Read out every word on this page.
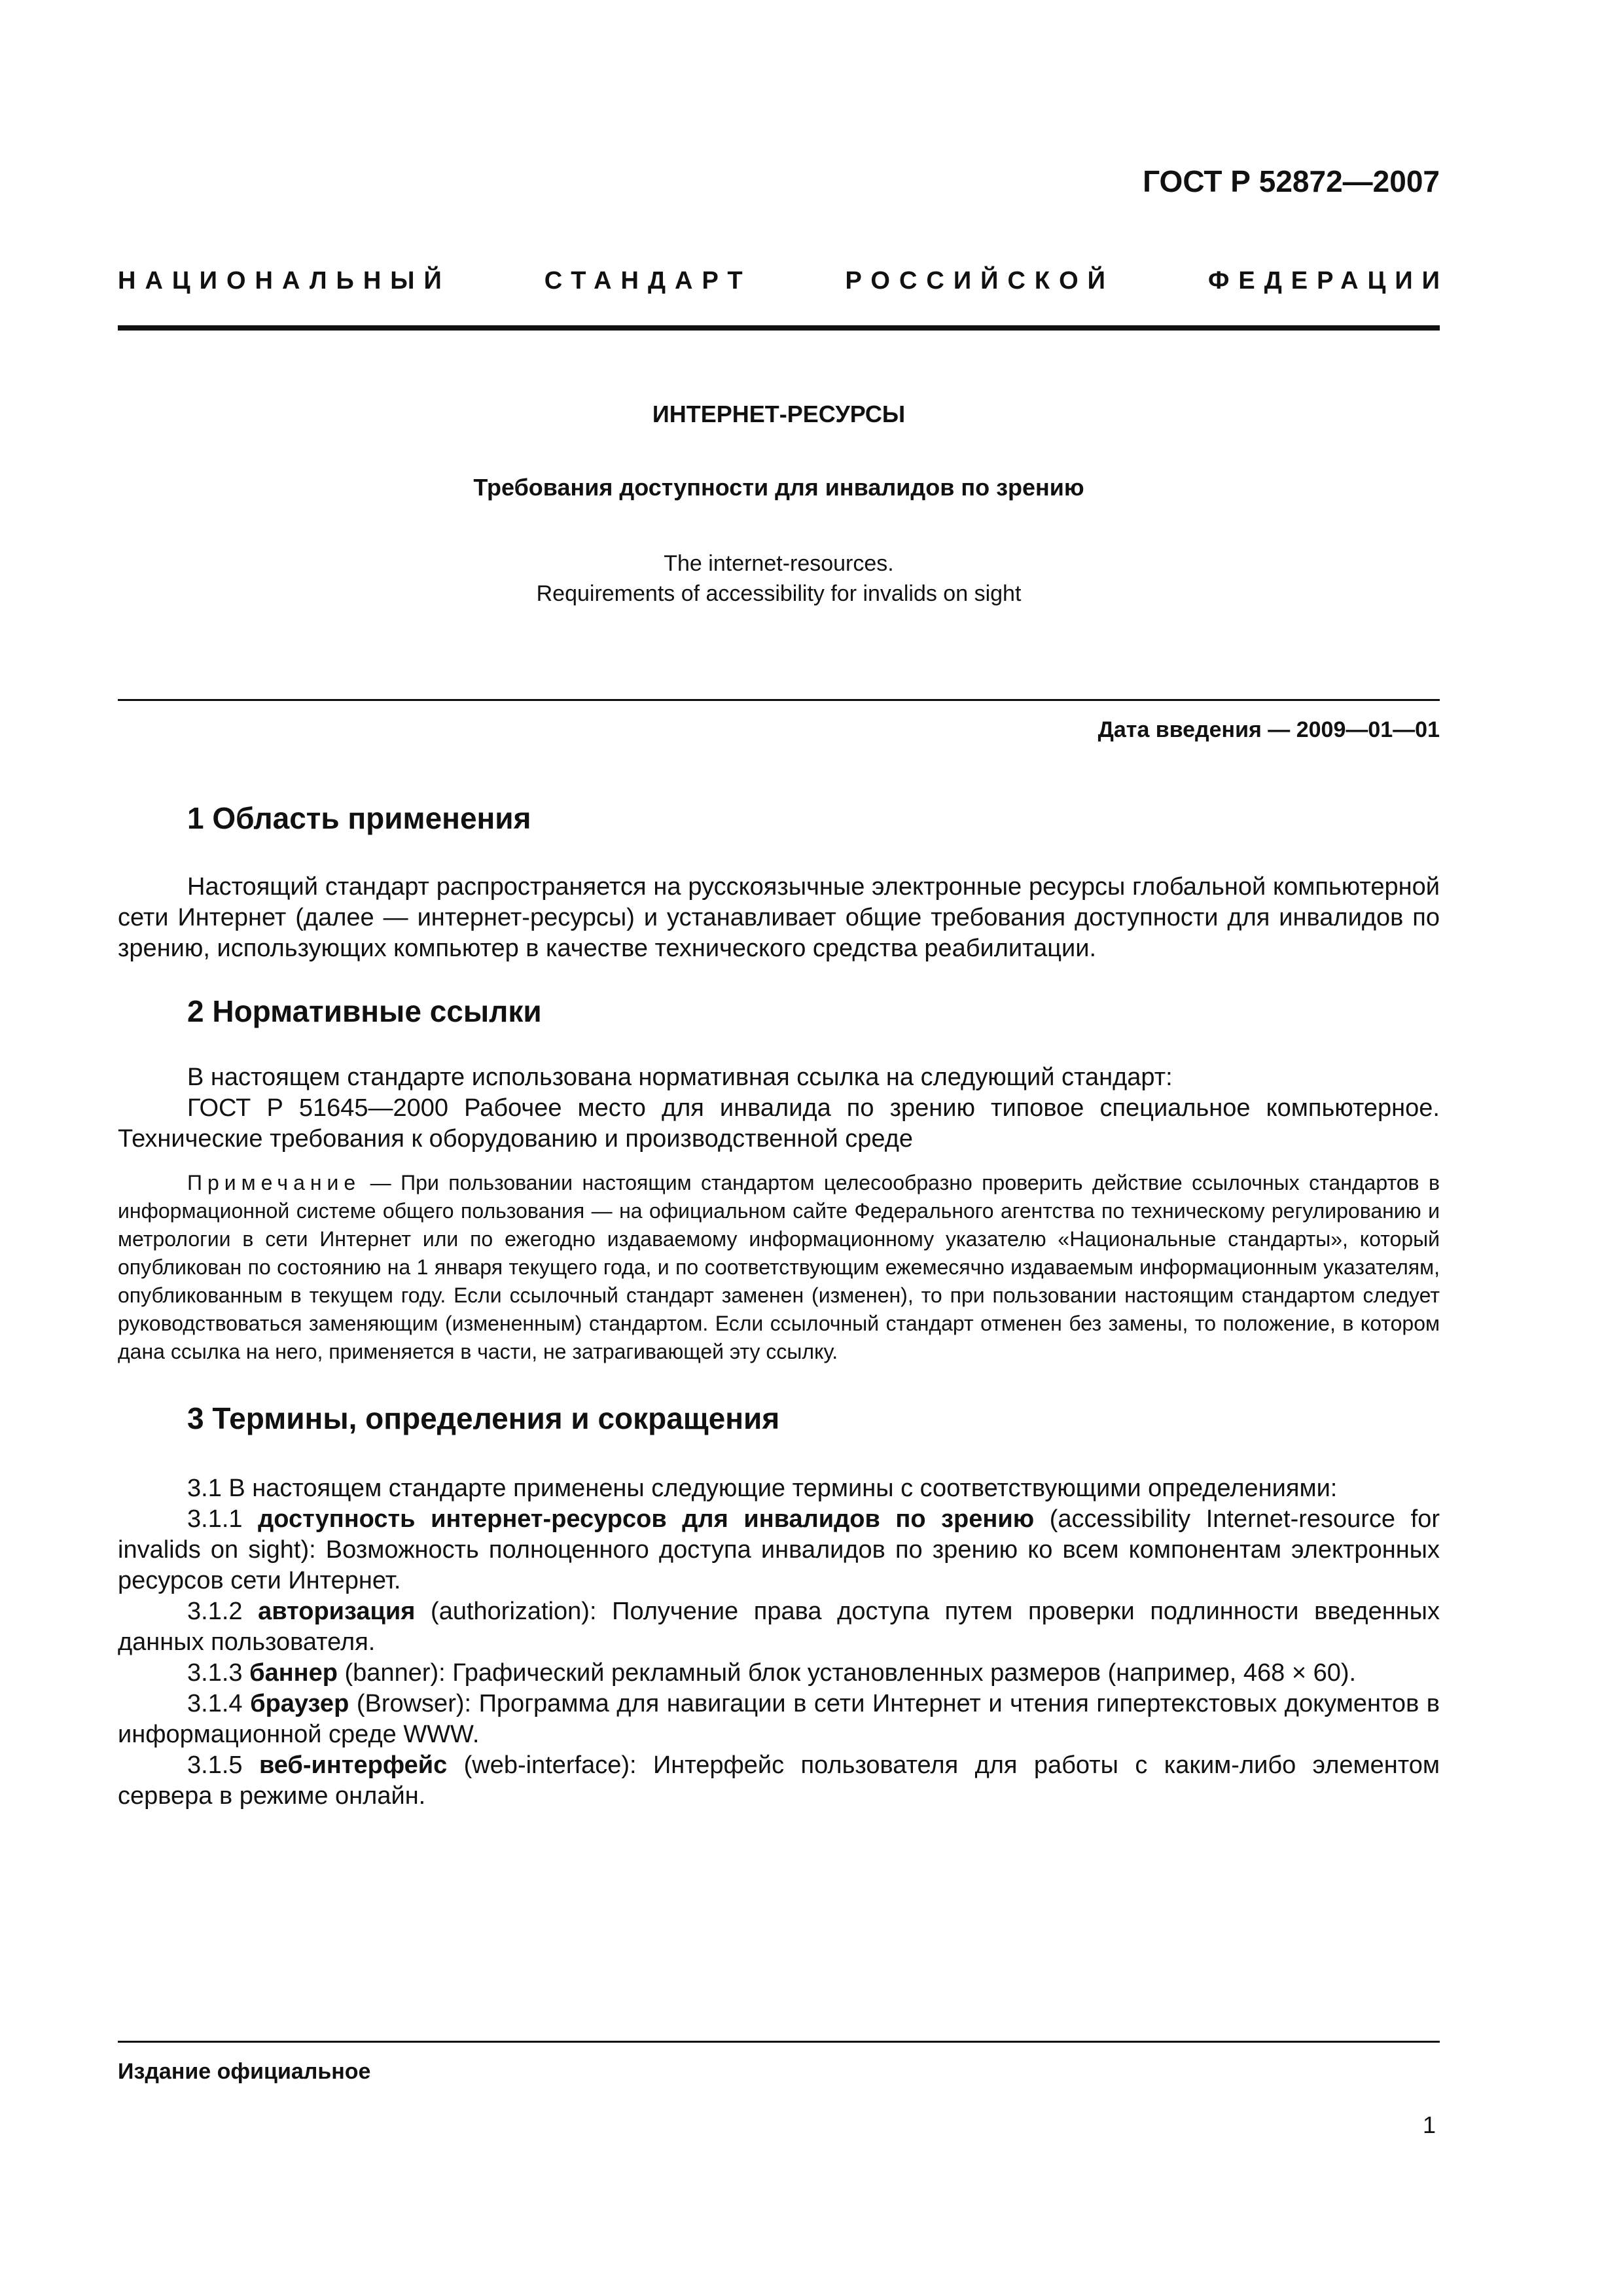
ГОСТ Р 52872—2007
НАЦИОНАЛЬНЫЙ	СТАНДАРТ	РОССИЙСКОЙ	ФЕДЕРАЦИИ
ИНТЕРНЕТ-РЕСУРСЫ
Требования доступности для инвалидов по зрению
The internet-resources.
Requirements of accessibility for invalids on sight
Дата введения — 2009—01—01
1 Область применения

Настоящий стандарт распространяется на русскоязычные электронные ресурсы глобальной компьютерной сети Интернет (далее — интернет-ресурсы) и устанавливает общие требования доступности для инвалидов по зрению, использующих компьютер в качестве технического средства реабилитации.

2 Нормативные ссылки

В настоящем стандарте использована нормативная ссылка на следующий стандарт:

ГОСТ Р 51645—2000 Рабочее место для инвалида по зрению типовое специальное компьютерное. Технические требования к оборудованию и производственной среде

Примечание — При пользовании настоящим стандартом целесообразно проверить действие ссылочных стандартов в информационной системе общего пользования — на официальном сайте Федерального агентства по техническому регулированию и метрологии в сети Интернет или по ежегодно издаваемому информационному указателю «Национальные стандарты», который опубликован по состоянию на 1 января текущего года, и по соответствующим ежемесячно издаваемым информационным указателям, опубликованным в текущем году. Если ссылочный стандарт заменен (изменен), то при пользовании настоящим стандартом следует руководствоваться заменяющим (измененным) стандартом. Если ссылочный стандарт отменен без замены, то положение, в котором дана ссылка на него, применяется в части, не затрагивающей эту ссылку.
3 Термины, определения и сокращения

3.1 В настоящем стандарте применены следующие термины с соответствующими определениями:

3.1.1 доступность интернет-ресурсов для инвалидов по зрению (accessibility Internet-resource for invalids on sight): Возможность полноценного доступа инвалидов по зрению ко всем компонентам электронных ресурсов сети Интернет.

3.1.2 авторизация (authorization): Получение права доступа путем проверки подлинности введенных данных пользователя.

3.1.3 баннер (banner): Графический рекламный блок установленных размеров (например, 468 × 60).

3.1.4 браузер (Browser): Программа для навигации в сети Интернет и чтения гипертекстовых документов в информационной среде WWW.

3.1.5 веб-интерфейс (web-interface): Интерфейс пользователя для работы с каким-либо элементом сервера в режиме онлайн.

Издание официальное
1
